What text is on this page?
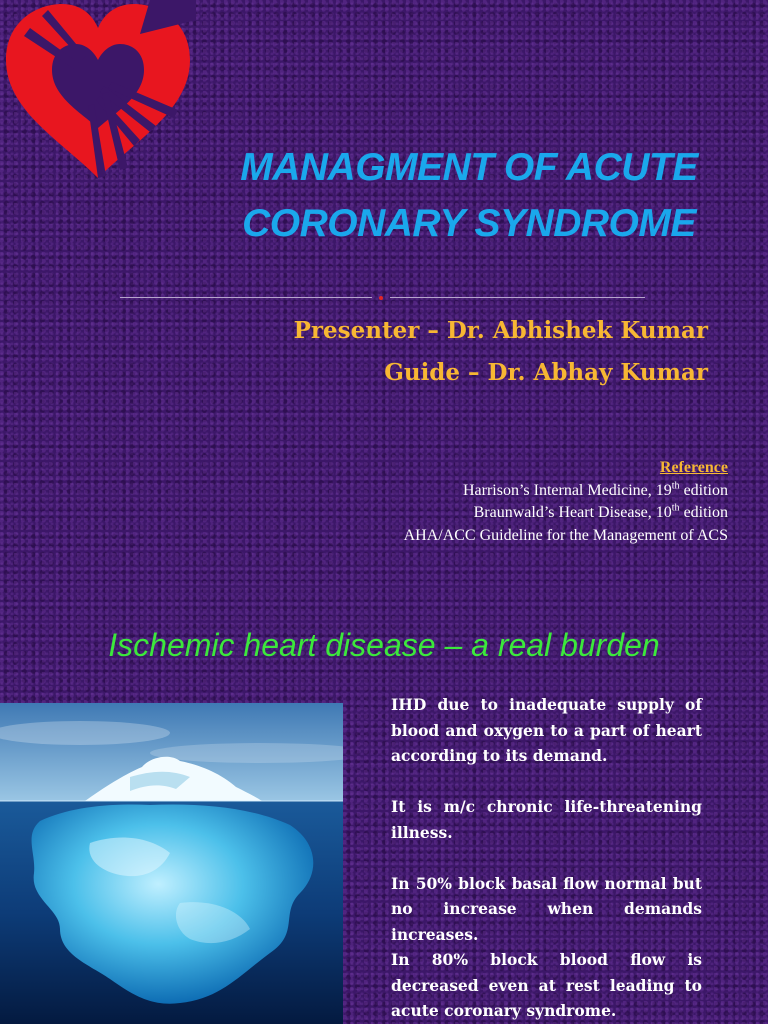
MANAGMENT OF ACUTE
CORONARY SYNDROME
Presenter – Dr. Abhishek Kumar
Guide – Dr. Abhay Kumar
Reference
Harrison’s Internal Medicine, 19th edition
Braunwald’s Heart Disease, 10th edition
AHA/ACC Guideline for the Management of ACS
Ischemic heart disease – a real burden

IHD due to inadequate supply of blood and oxygen to a part of heart according to its demand.

It is m/c chronic life-threatening illness.

In 50% block basal flow normal but no increase when demands increases.

In 80% block blood flow is decreased even at rest leading to acute coronary syndrome.
